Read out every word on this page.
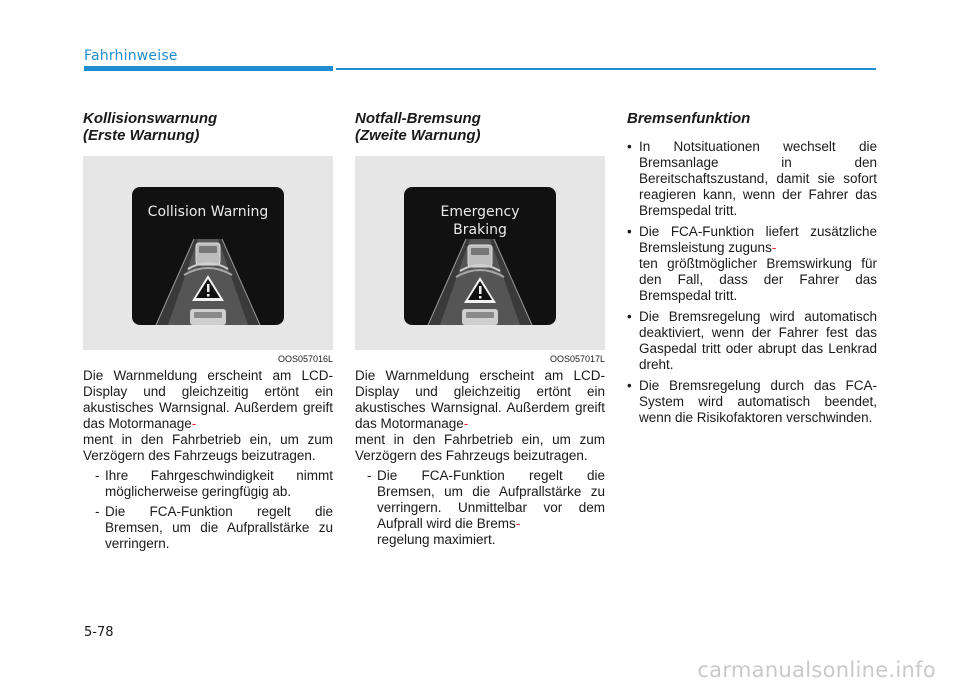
Fahrhinweise
Kollisionswarnung
(Erste Warnung)
Collision Warning
OOS057016L
Die Warnmeldung erscheint am LCD-Display und gleichzeitig ertönt ein akustisches Warnsignal. Außerdem greift das Motormanage-
ment in den Fahrbetrieb ein, um zum Verzögern des Fahrzeugs beizutragen.
- Ihre Fahrgeschwindigkeit nimmt möglicherweise geringfügig ab.
- Die FCA-Funktion regelt die Bremsen, um die Aufprallstärke zu verringern.
Notfall-Bremsung
(Zweite Warnung)
Emergency
Braking
OOS057017L
Die Warnmeldung erscheint am LCD-Display und gleichzeitig ertönt ein akustisches Warnsignal. Außerdem greift das Motormanage-
ment in den Fahrbetrieb ein, um zum Verzögern des Fahrzeugs beizutragen.
- Die FCA-Funktion regelt die Bremsen, um die Aufprallstärke zu verringern. Unmittelbar vor dem Aufprall wird die Brems-
regelung maximiert.
Bremsenfunktion
• In Notsituationen wechselt die Bremsanlage in den Bereitschaftszustand, damit sie sofort reagieren kann, wenn der Fahrer das Bremspedal tritt.
• Die FCA-Funktion liefert zusätzliche Bremsleistung zuguns-
ten größtmöglicher Bremswirkung für den Fall, dass der Fahrer das Bremspedal tritt.
• Die Bremsregelung wird automatisch deaktiviert, wenn der Fahrer fest das Gaspedal tritt oder abrupt das Lenkrad dreht.
• Die Bremsregelung durch das FCA-System wird automatisch beendet, wenn die Risikofaktoren verschwinden.
5-78
carmanualsonline.info
